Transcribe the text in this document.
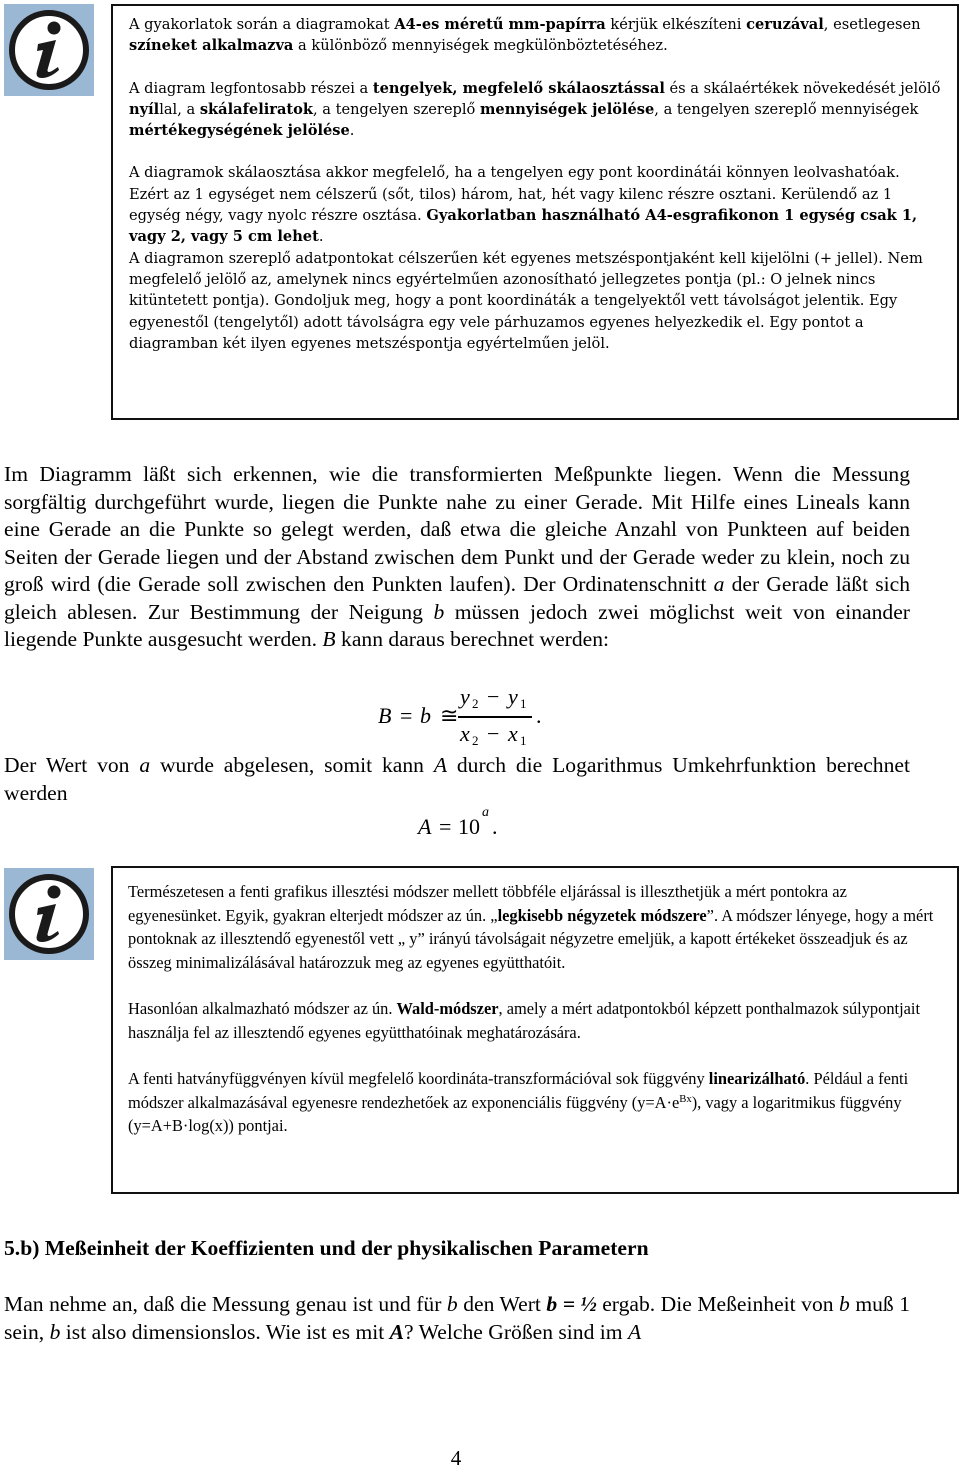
A gyakorlatok során a diagramokat A4-es méretű mm-papírra kérjük elkészíteni ceruzával, esetlegesen színeket alkalmazva a különböző mennyiségek megkülönböztetéséhez.

A diagram legfontosabb részei a tengelyek, megfelelő skálaosztással és a skálaértékek növekedését jelölő nyíllal, a skálafeliratok, a tengelyen szereplő mennyiségek jelölése, a tengelyen szereplő mennyiségek mértékegységének jelölése.

A diagramok skálaosztása akkor megfelelő, ha a tengelyen egy pont koordinátái könnyen leolvashatóak. Ezért az 1 egységet nem célszerű (sőt, tilos) három, hat, hét vagy kilenc részre osztani. Kerülendő az 1 egység négy, vagy nyolc részre osztása. Gyakorlatban használható A4-esgrafikonon 1 egység csak 1, vagy 2, vagy 5 cm lehet.

A diagramon szereplő adatpontokat célszerűen két egyenes metszéspontjaként kell kijelölni (+ jellel). Nem megfelelő jelölő az, amelynek nincs egyértelműen azonosítható jellegzetes pontja (pl.: O jelnek nincs kitüntetett pontja). Gondoljuk meg, hogy a pont koordináták a tengelyektől vett távolságot jelentik. Egy egyenestől (tengelytől) adott távolságra egy vele párhuzamos egyenes helyezkedik el. Egy pontot a diagramban két ilyen egyenes metszéspontja egyértelműen jelöl.

Im Diagramm läßt sich erkennen, wie die transformierten Meßpunkte liegen. Wenn die Messung sorgfältig durchgeführt wurde, liegen die Punkte nahe zu einer Gerade. Mit Hilfe eines Lineals kann eine Gerade an die Punkte so gelegt werden, daß etwa die gleiche Anzahl von Punkteen auf beiden Seiten der Gerade liegen und der Abstand zwischen dem Punkt und der Gerade weder zu klein, noch zu groß wird (die Gerade soll zwischen den Punkten laufen). Der Ordinatenschnitt a der Gerade läßt sich gleich ablesen. Zur Bestimmung der Neigung b müssen jedoch zwei möglichst weit von einander liegende Punkte ausgesucht werden. B kann daraus berechnet werden:

B = b ≅
y 2 − y 1
x 2 − x 1
.

Der Wert von a wurde abgelesen, somit kann A durch die Logarithmus Umkehrfunktion berechnet werden

A = 10
a
.

Természetesen a fenti grafikus illesztési módszer mellett többféle eljárással is illeszthetjük a mért pontokra az egyenesünket. Egyik, gyakran elterjedt módszer az ún. „legkisebb négyzetek módszere”. A módszer lényege, hogy a mért pontoknak az illesztendő egyenestől vett „ y” irányú távolságait négyzetre emeljük, a kapott értékeket összeadjuk és az összeg minimalizálásával határozzuk meg az egyenes együtthatóit.

Hasonlóan alkalmazható módszer az ún. Wald-módszer, amely a mért adatpontokból képzett ponthalmazok súlypontjait használja fel az illesztendő egyenes együtthatóinak meghatározására.

A fenti hatványfüggvényen kívül megfelelő koordináta-transzformációval sok függvény linearizálható. Például a fenti módszer alkalmazásával egyenesre rendezhetőek az exponenciális függvény $(y=A\cdot e^{Bx})$, vagy a logaritmikus függvény (y=A+B·log(x)) pontjai.

5.b) Meßeinheit der Koeffizienten und der physikalischen Parametern

Man nehme an, daß die Messung genau ist und für b den Wert b = ½ ergab. Die Meßeinheit von b muß 1 sein, b ist also dimensionslos. Wie ist es mit A? Welche Größen sind im A

4
